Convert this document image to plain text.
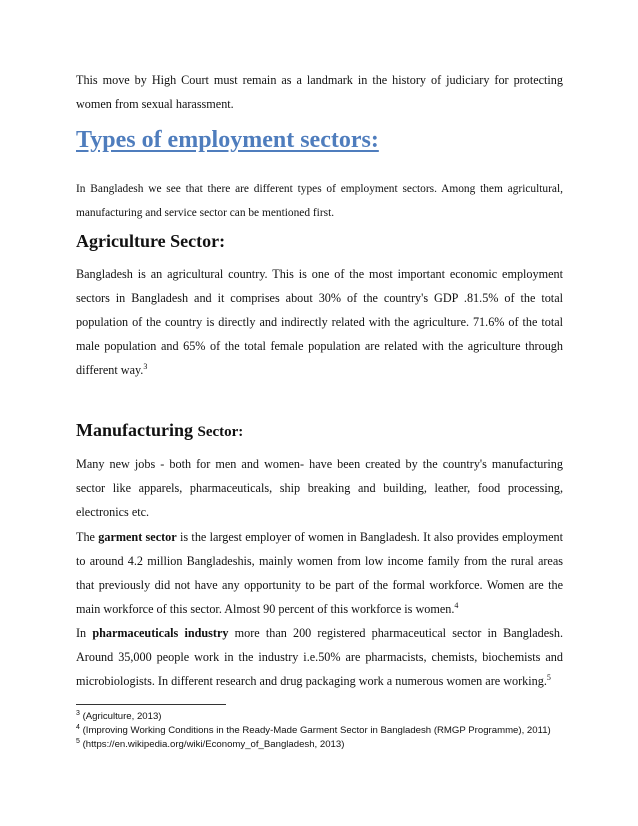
This move by High Court must remain as a landmark in the history of judiciary for protecting women from sexual harassment.

Types of employment sectors:

In Bangladesh we see that there are different types of employment sectors. Among them agricultural, manufacturing and service sector can be mentioned first.

Agriculture Sector:

Bangladesh is an agricultural country. This is one of the most important economic employment sectors in Bangladesh and it comprises about 30% of the country's GDP .81.5% of the total population of the country is directly and indirectly related with the agriculture. 71.6% of the total male population and 65% of the total female population are related with the agriculture through different way.$^3$

Manufacturing Sector:

Many new jobs - both for men and women- have been created by the country's manufacturing sector like apparels, pharmaceuticals, ship breaking and building, leather, food processing, electronics etc.

The garment sector is the largest employer of women in Bangladesh. It also provides employment to around 4.2 million Bangladeshis, mainly women from low income family from the rural areas that previously did not have any opportunity to be part of the formal workforce. Women are the main workforce of this sector. Almost 90 percent of this workforce is women.$^4$

In pharmaceuticals industry more than 200 registered pharmaceutical sector in Bangladesh. Around 35,000 people work in the industry i.e.50% are pharmacists, chemists, biochemists and microbiologists. In different research and drug packaging work a numerous women are working.$^5$

$^3$ (Agriculture, 2013)
$^4$ (Improving Working Conditions in the Ready-Made Garment Sector in Bangladesh (RMGP Programme), 2011)
$^5$ (https://en.wikipedia.org/wiki/Economy_of_Bangladesh, 2013)
